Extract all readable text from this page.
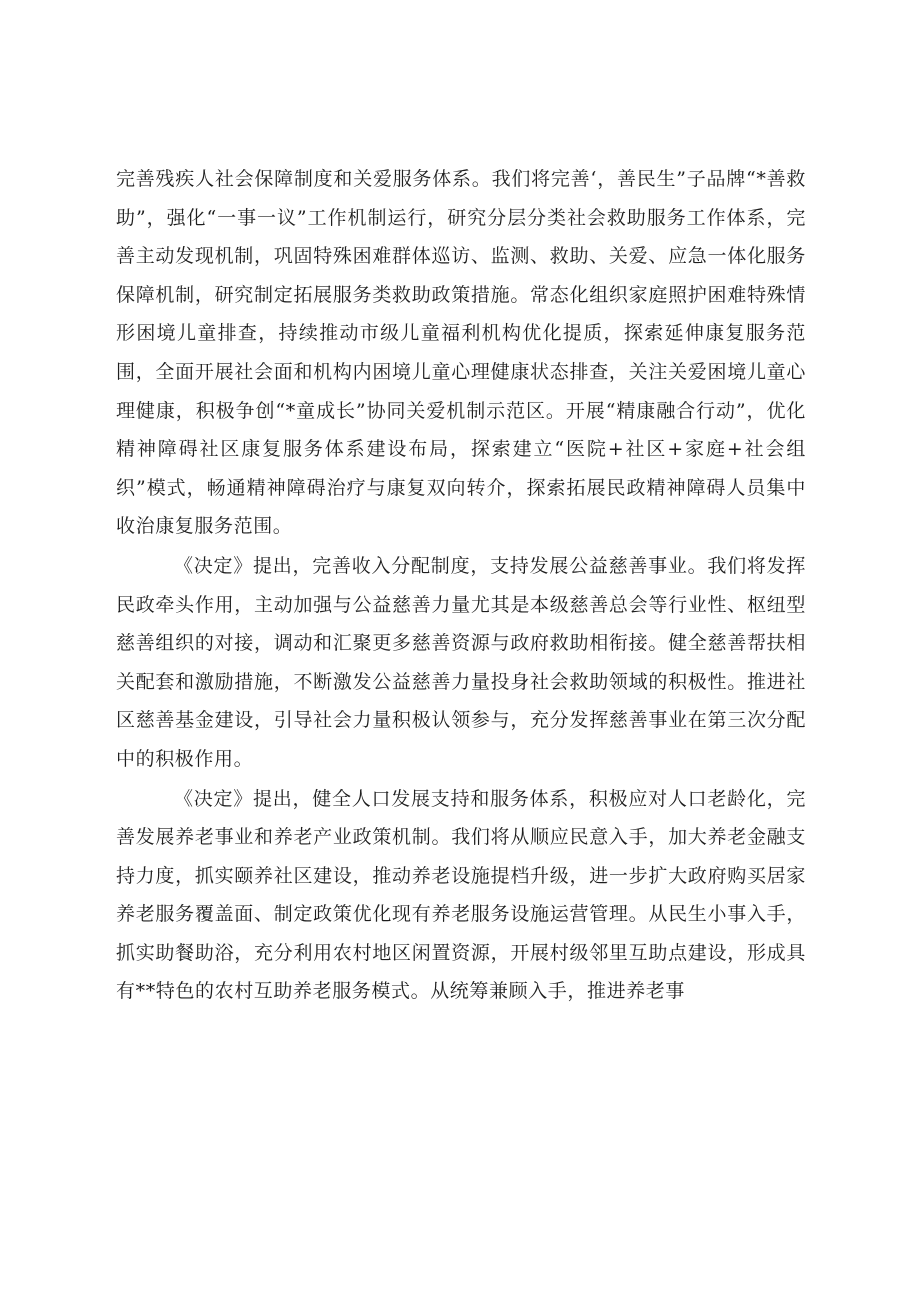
完善残疾人社会保障制度和关爱服务体系。我们将完善‘，善民生”子品牌“*善救助”，强化“一事一议”工作机制运行，研究分层分类社会救助服务工作体系，完善主动发现机制，巩固特殊困难群体巡访、监测、救助、关爱、应急一体化服务保障机制，研究制定拓展服务类救助政策措施。常态化组织家庭照护困难特殊情形困境儿童排查，持续推动市级儿童福利机构优化提质，探索延伸康复服务范围，全面开展社会面和机构内困境儿童心理健康状态排查，关注关爱困境儿童心理健康，积极争创“*童成长”协同关爱机制示范区。开展“精康融合行动”，优化精神障碍社区康复服务体系建设布局，探索建立“医院+社区+家庭+社会组织”模式，畅通精神障碍治疗与康复双向转介，探索拓展民政精神障碍人员集中收治康复服务范围。

《决定》提出，完善收入分配制度，支持发展公益慈善事业。我们将发挥民政牵头作用，主动加强与公益慈善力量尤其是本级慈善总会等行业性、枢纽型慈善组织的对接，调动和汇聚更多慈善资源与政府救助相衔接。健全慈善帮扶相关配套和激励措施，不断激发公益慈善力量投身社会救助领域的积极性。推进社区慈善基金建设，引导社会力量积极认领参与，充分发挥慈善事业在第三次分配中的积极作用。

《决定》提出，健全人口发展支持和服务体系，积极应对人口老龄化，完善发展养老事业和养老产业政策机制。我们将从顺应民意入手，加大养老金融支持力度，抓实颐养社区建设，推动养老设施提档升级，进一步扩大政府购买居家养老服务覆盖面、制定政策优化现有养老服务设施运营管理。从民生小事入手，抓实助餐助浴，充分利用农村地区闲置资源，开展村级邻里互助点建设，形成具有**特色的农村互助养老服务模式。从统筹兼顾入手，推进养老事
